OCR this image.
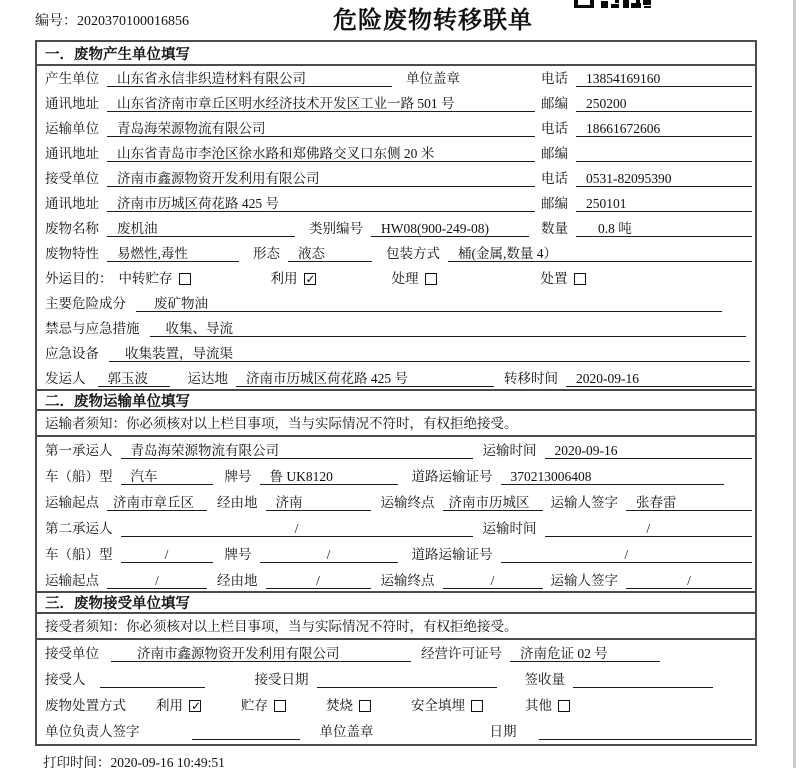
编号：2020370100016856	危险废物转移联单
一．废物产生单位填写
产生单位	山东省永信非织造材料有限公司	单位盖章	电话	13854169160
通讯地址	山东省济南市章丘区明水经济技术开发区工业一路 501 号	邮编	250200
运输单位	青岛海荣源物流有限公司	电话	18661672606
通讯地址	山东省青岛市李沧区徐水路和郑佛路交叉口东侧 20 米	邮编
接受单位	济南市鑫源物资开发利用有限公司	电话	0531-82095390
通讯地址	济南市历城区荷花路 425 号	邮编	250101
废物名称	废机油	类别编号	HW08(900-249-08)	数量	0.8 吨
废物特性	易燃性,毒性	形态	液态	包装方式	桶(金属,数量 4）
外运目的： 中转贮存	利用 ✓	处理	处置
主要危险成分	废矿物油
禁忌与应急措施	收集、导流
应急设备	收集装置，导流渠
发运人	郭玉波	运达地	济南市历城区荷花路 425 号	转移时间	2020-09-16
二．废物运输单位填写
运输者须知：你必须核对以上栏目事项，当与实际情况不符时，有权拒绝接受。
第一承运人	青岛海荣源物流有限公司	运输时间	2020-09-16
车（船）型	汽车	牌号	鲁 UK8120	道路运输证号	370213006408
运输起点	济南市章丘区	经由地	济南	运输终点	济南市历城区	运输人签字	张春雷
第二承运人	/	运输时间	/
车（船）型	/	牌号	/	道路运输证号	/
运输起点	/	经由地	/	运输终点	/	运输人签字	/
三．废物接受单位填写
接受者须知：你必须核对以上栏目事项，当与实际情况不符时，有权拒绝接受。
接受单位	济南市鑫源物资开发利用有限公司	经营许可证号	济南危证 02 号
接受人	接受日期	签收量
废物处置方式 利用 ✓	贮存	焚烧	安全填埋	其他
单位负责人签字	单位盖章	日期
打印时间：2020-09-16 10:49:51
